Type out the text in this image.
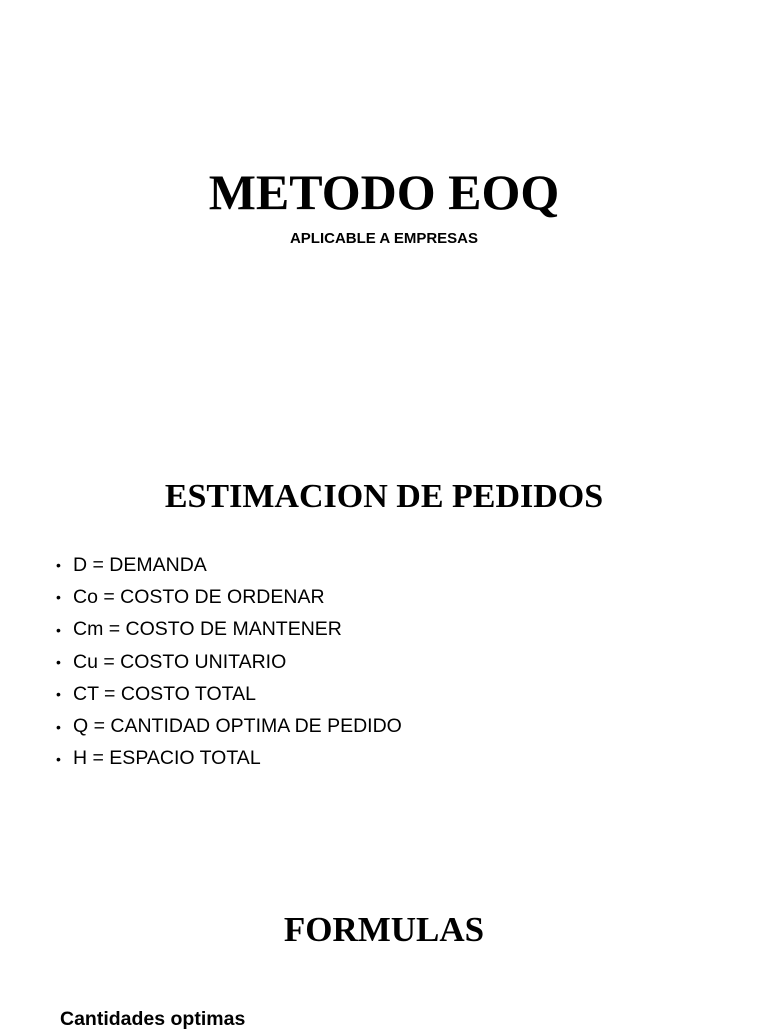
METODO EOQ

APLICABLE A EMPRESAS

ESTIMACION DE PEDIDOS
• D = DEMANDA
• Co = COSTO DE ORDENAR
• Cm = COSTO DE MANTENER
• Cu = COSTO UNITARIO
• CT = COSTO TOTAL
• Q = CANTIDAD OPTIMA DE PEDIDO
• H = ESPACIO TOTAL
FORMULAS

Cantidades optimas
